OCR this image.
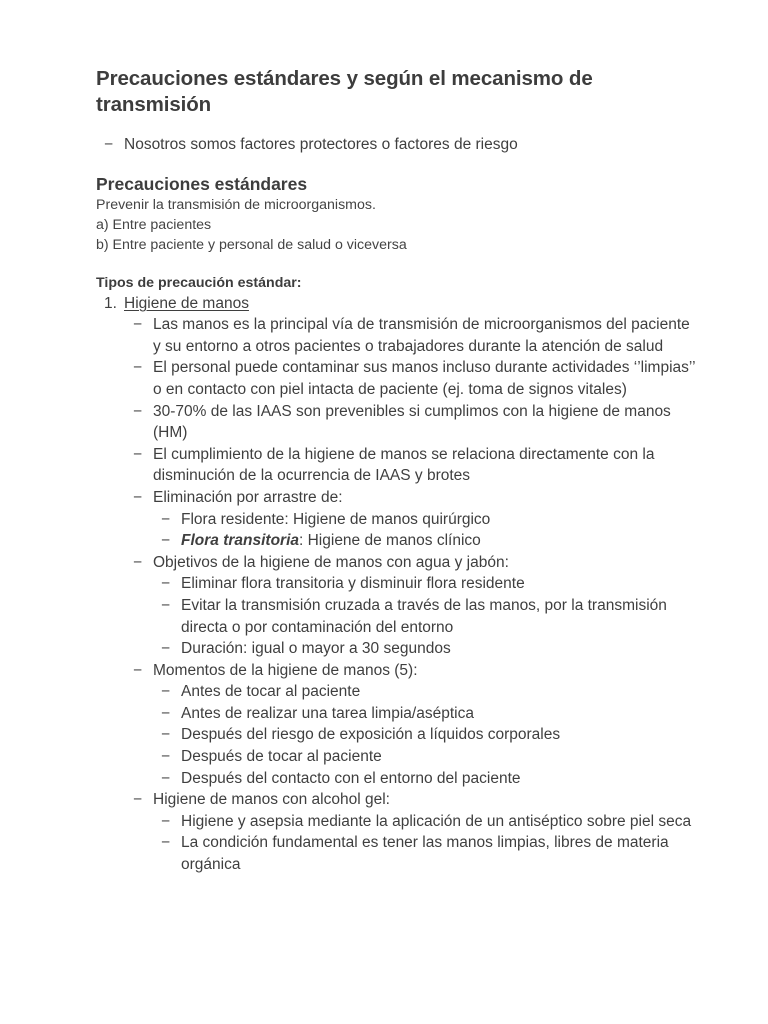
Precauciones estándares y según el mecanismo de transmisión
− Nosotros somos factores protectores o factores de riesgo
Precauciones estándares
Prevenir la transmisión de microorganismos.
a) Entre pacientes
b) Entre paciente y personal de salud o viceversa
Tipos de precaución estándar:
1. Higiene de manos
− Las manos es la principal vía de transmisión de microorganismos del paciente y su entorno a otros pacientes o trabajadores durante la atención de salud
− El personal puede contaminar sus manos incluso durante actividades ‘’limpias’’ o en contacto con piel intacta de paciente (ej. toma de signos vitales)
− 30-70% de las IAAS son prevenibles si cumplimos con la higiene de manos (HM)
− El cumplimiento de la higiene de manos se relaciona directamente con la disminución de la ocurrencia de IAAS y brotes
− Eliminación por arrastre de:
− Flora residente: Higiene de manos quirúrgico
− Flora transitoria: Higiene de manos clínico
− Objetivos de la higiene de manos con agua y jabón:
− Eliminar flora transitoria y disminuir flora residente
− Evitar la transmisión cruzada a través de las manos, por la transmisión directa o por contaminación del entorno
− Duración: igual o mayor a 30 segundos
− Momentos de la higiene de manos (5):
− Antes de tocar al paciente
− Antes de realizar una tarea limpia/aséptica
− Después del riesgo de exposición a líquidos corporales
− Después de tocar al paciente
− Después del contacto con el entorno del paciente
− Higiene de manos con alcohol gel:
− Higiene y asepsia mediante la aplicación de un antiséptico sobre piel seca
− La condición fundamental es tener las manos limpias, libres de materia orgánica
